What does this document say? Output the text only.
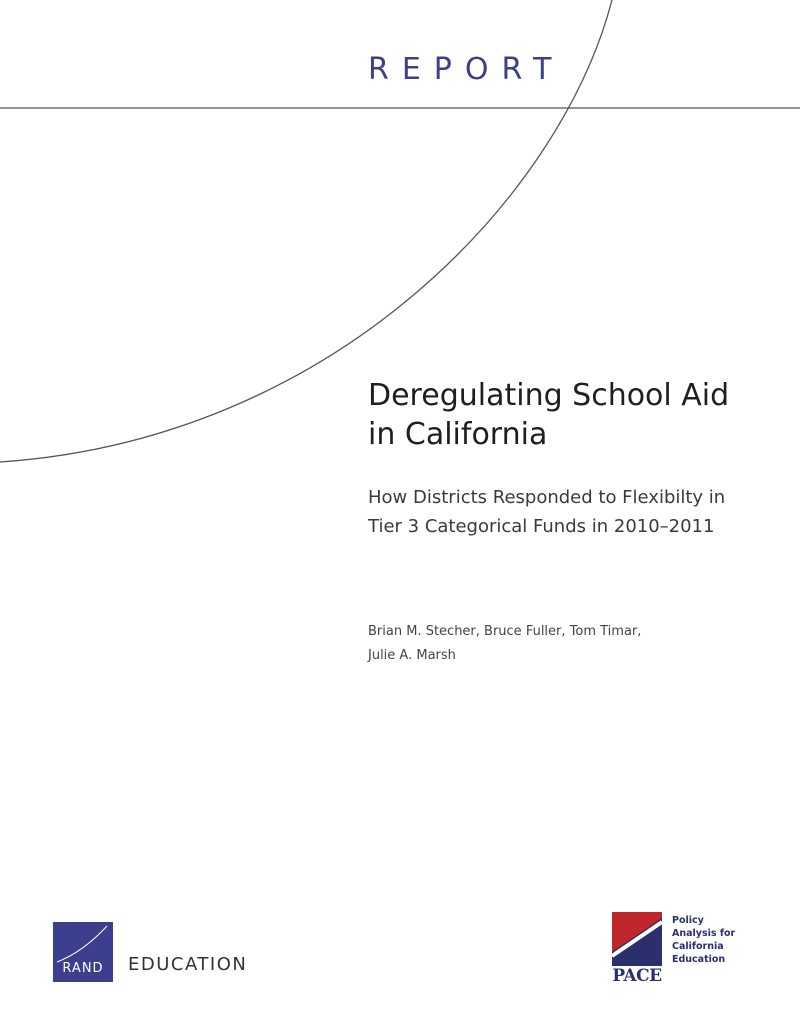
REPORT
Deregulating School Aid
in California
How Districts Responded to Flexibilty in
Tier 3 Categorical Funds in 2010–2011
Brian M. Stecher, Bruce Fuller, Tom Timar,
Julie A. Marsh
RAND	EDUCATION
PACE
Policy
Analysis for
California
Education
